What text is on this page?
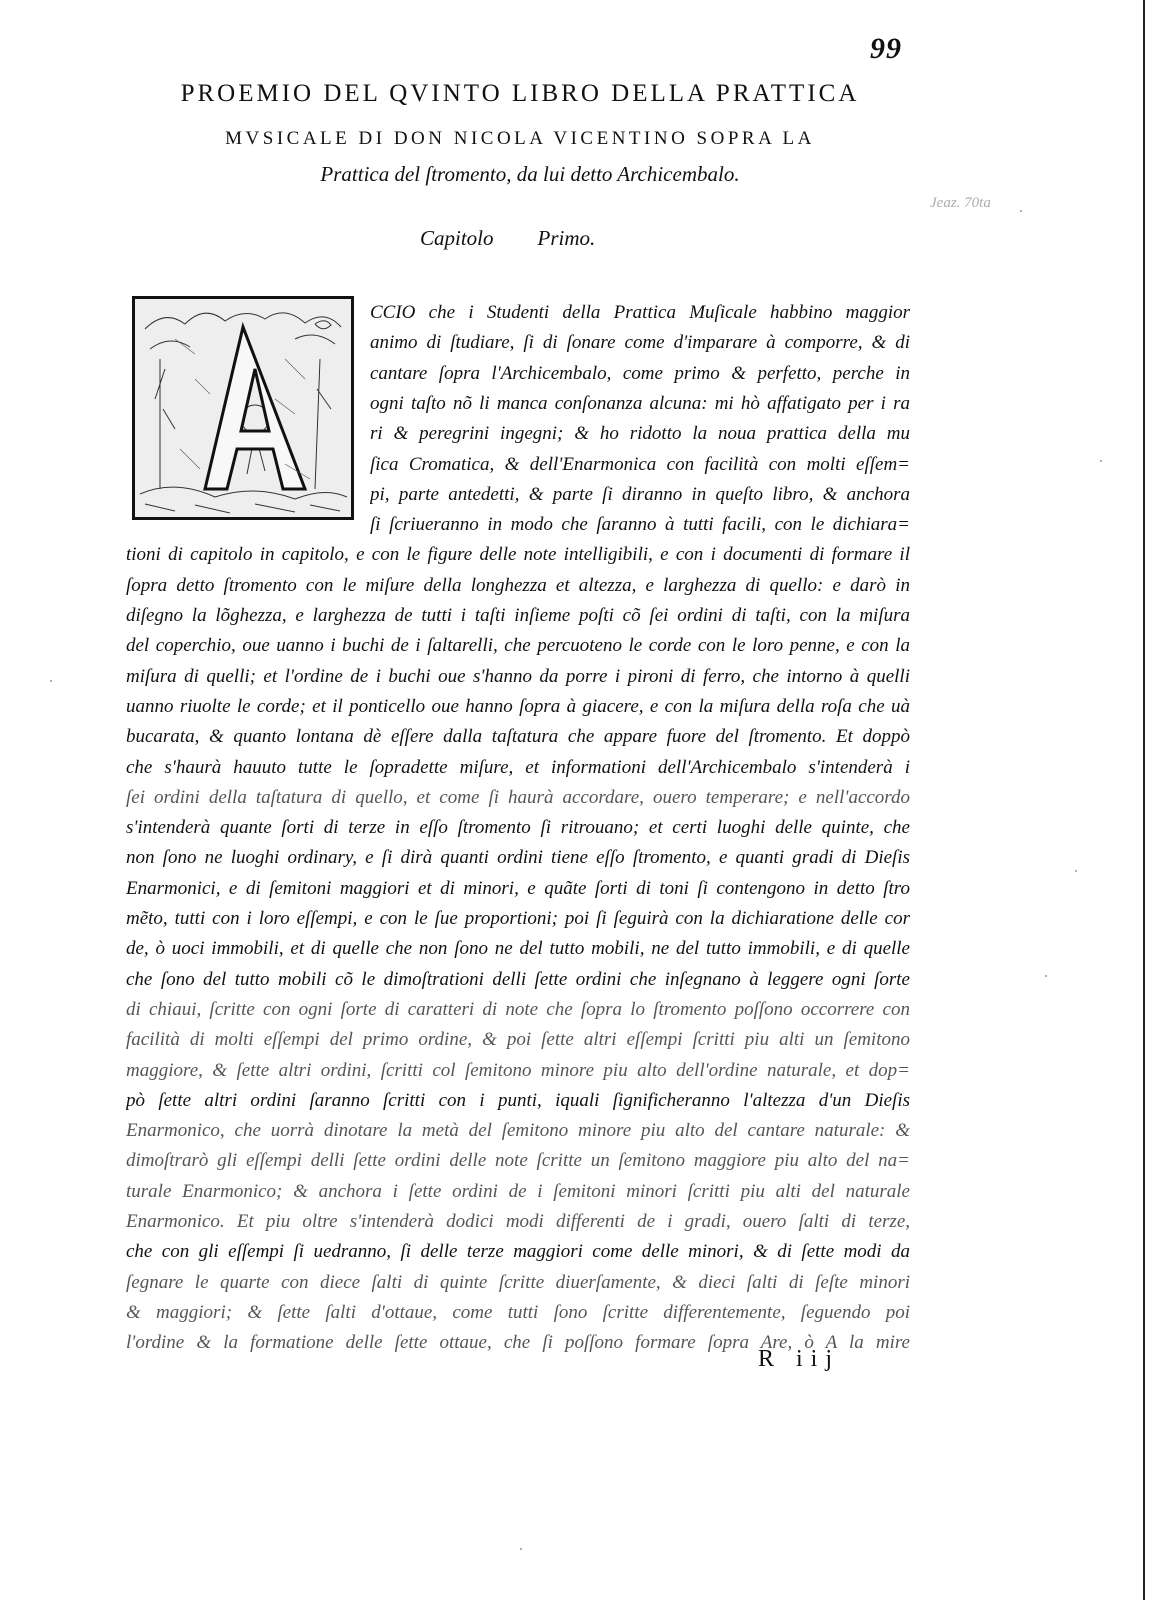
99
PROEMIO DEL QVINTO LIBRO DELLA PRATTICA
MVSICALE DI DON NICOLA VICENTINO SOPRA LA
Prattica del ſtromento, da lui detto Archicembalo.
Jeaz. 70ta
Capitolo Primo.
CCIO che i Studenti della Prattica Muſicale habbino maggior
animo di ſtudiare, ſi di ſonare come d'imparare à comporre, & di
cantare ſopra l'Archicembalo, come primo & perfetto, perche in
ogni taſto nõ li manca conſonanza alcuna: mi hò affatigato per i ra
ri & peregrini ingegni; & ho ridotto la noua prattica della mu
ſica Cromatica, & dell'Enarmonica con facilità con molti eſſem=
pi, parte antedetti, & parte ſi diranno in queſto libro, & anchora
ſi ſcriueranno in modo che ſaranno à tutti facili, con le dichiara=
tioni di capitolo in capitolo, e con le figure delle note intelligibili, e con i documenti di formare il
ſopra detto ſtromento con le miſure della longhezza et altezza, e larghezza di quello: e darò in
diſegno la lõghezza, e larghezza de tutti i taſti inſieme poſti cõ ſei ordini di taſti, con la miſura
del coperchio, oue uanno i buchi de i ſaltarelli, che percuoteno le corde con le loro penne, e con la
miſura di quelli; et l'ordine de i buchi oue s'hanno da porre i pironi di ferro, che intorno à quelli
uanno riuolte le corde; et il ponticello oue hanno ſopra à giacere, e con la miſura della roſa che uà
bucarata, & quanto lontana dè eſſere dalla taſtatura che appare fuore del ſtromento. Et doppò
che s'haurà hauuto tutte le ſopradette miſure, et informationi dell'Archicembalo s'intenderà i
ſei ordini della taſtatura di quello, et come ſi haurà accordare, ouero temperare; e nell'accordo
s'intenderà quante ſorti di terze in eſſo ſtromento ſi ritrouano; et certi luoghi delle quinte, che
non ſono ne luoghi ordinary, e ſi dirà quanti ordini tiene eſſo ſtromento, e quanti gradi di Dieſis
Enarmonici, e di ſemitoni maggiori et di minori, e quãte ſorti di toni ſi contengono in detto ſtro
mẽto, tutti con i loro eſſempi, e con le ſue proportioni; poi ſi ſeguirà con la dichiaratione delle cor
de, ò uoci immobili, et di quelle che non ſono ne del tutto mobili, ne del tutto immobili, e di quelle
che ſono del tutto mobili cõ le dimoſtrationi delli ſette ordini che inſegnano à leggere ogni ſorte
di chiaui, ſcritte con ogni ſorte di caratteri di note che ſopra lo ſtromento poſſono occorrere con
facilità di molti eſſempi del primo ordine, & poi ſette altri eſſempi ſcritti piu alti un ſemitono
maggiore, & ſette altri ordini, ſcritti col ſemitono minore piu alto dell'ordine naturale, et dop=
pò ſette altri ordini ſaranno ſcritti con i punti, iquali ſignificheranno l'altezza d'un Dieſis
Enarmonico, che uorrà dinotare la metà del ſemitono minore piu alto del cantare naturale: &
dimoſtrarò gli eſſempi delli ſette ordini delle note ſcritte un ſemitono maggiore piu alto del na=
turale Enarmonico; & anchora i ſette ordini de i ſemitoni minori ſcritti piu alti del naturale
Enarmonico. Et piu oltre s'intenderà dodici modi differenti de i gradi, ouero ſalti di terze,
che con gli eſſempi ſi uedranno, ſi delle terze maggiori come delle minori, & di ſette modi da
ſegnare le quarte con diece ſalti di quinte ſcritte diuerſamente, & dieci ſalti di ſeſte minori
& maggiori; & ſette ſalti d'ottaue, come tutti ſono ſcritte differentemente, ſeguendo poi
l'ordine & la formatione delle ſette ottaue, che ſi poſſono formare ſopra Are, ò A la mire
R iij
